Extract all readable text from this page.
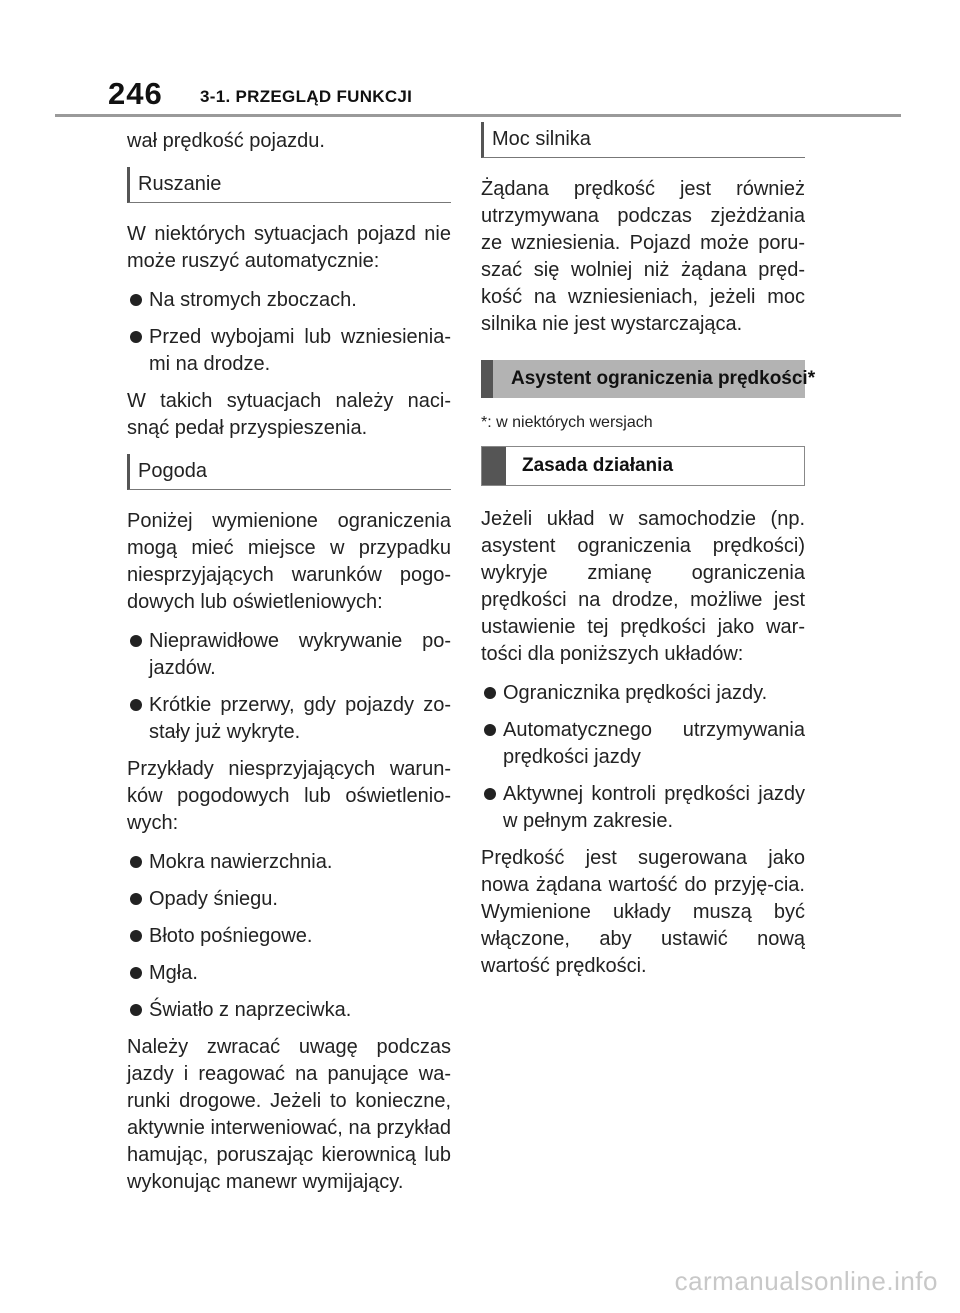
246 3-1. PRZEGLĄD FUNKCJI

wał prędkość pojazdu.

Ruszanie

W niektórych sytuacjach pojazd nie może ruszyć automatycznie:

Na stromych zboczach.
Przed wybojami lub wzniesienia-mi na drodze.

W takich sytuacjach należy naci-snąć pedał przyspieszenia.

Pogoda

Poniżej wymienione ograniczenia mogą mieć miejsce w przypadku niesprzyjających warunków pogo-dowych lub oświetleniowych:

Nieprawidłowe wykrywanie po-jazdów.
Krótkie przerwy, gdy pojazdy zo-stały już wykryte.

Przykłady niesprzyjających warun-ków pogodowych lub oświetlenio-wych:

Mokra nawierzchnia.
Opady śniegu.
Błoto pośniegowe.
Mgła.
Światło z naprzeciwka.

Należy zwracać uwagę podczas jazdy i reagować na panujące wa-runki drogowe. Jeżeli to konieczne, aktywnie interweniować, na przykład hamując, poruszając kierownicą lub wykonując manewr wymijający.

Moc silnika

Żądana prędkość jest również utrzymywana podczas zjeżdżania ze wzniesienia. Pojazd może poru-szać się wolniej niż żądana pręd-kość na wzniesieniach, jeżeli moc silnika nie jest wystarczająca.

Asystent ograniczenia prędkości*
*: w niektórych wersjach
Zasada działania

Jeżeli układ w samochodzie (np. asystent ograniczenia prędkości) wykryje zmianę ograniczenia prędkości na drodze, możliwe jest ustawienie tej prędkości jako war-tości dla poniższych układów:

Ogranicznika prędkości jazdy.
Automatycznego utrzymywania prędkości jazdy
Aktywnej kontroli prędkości jazdy w pełnym zakresie.

Prędkość jest sugerowana jako nowa żądana wartość do przyję-cia. Wymienione układy muszą być włączone, aby ustawić nową wartość prędkości.

carmanualsonline.info
